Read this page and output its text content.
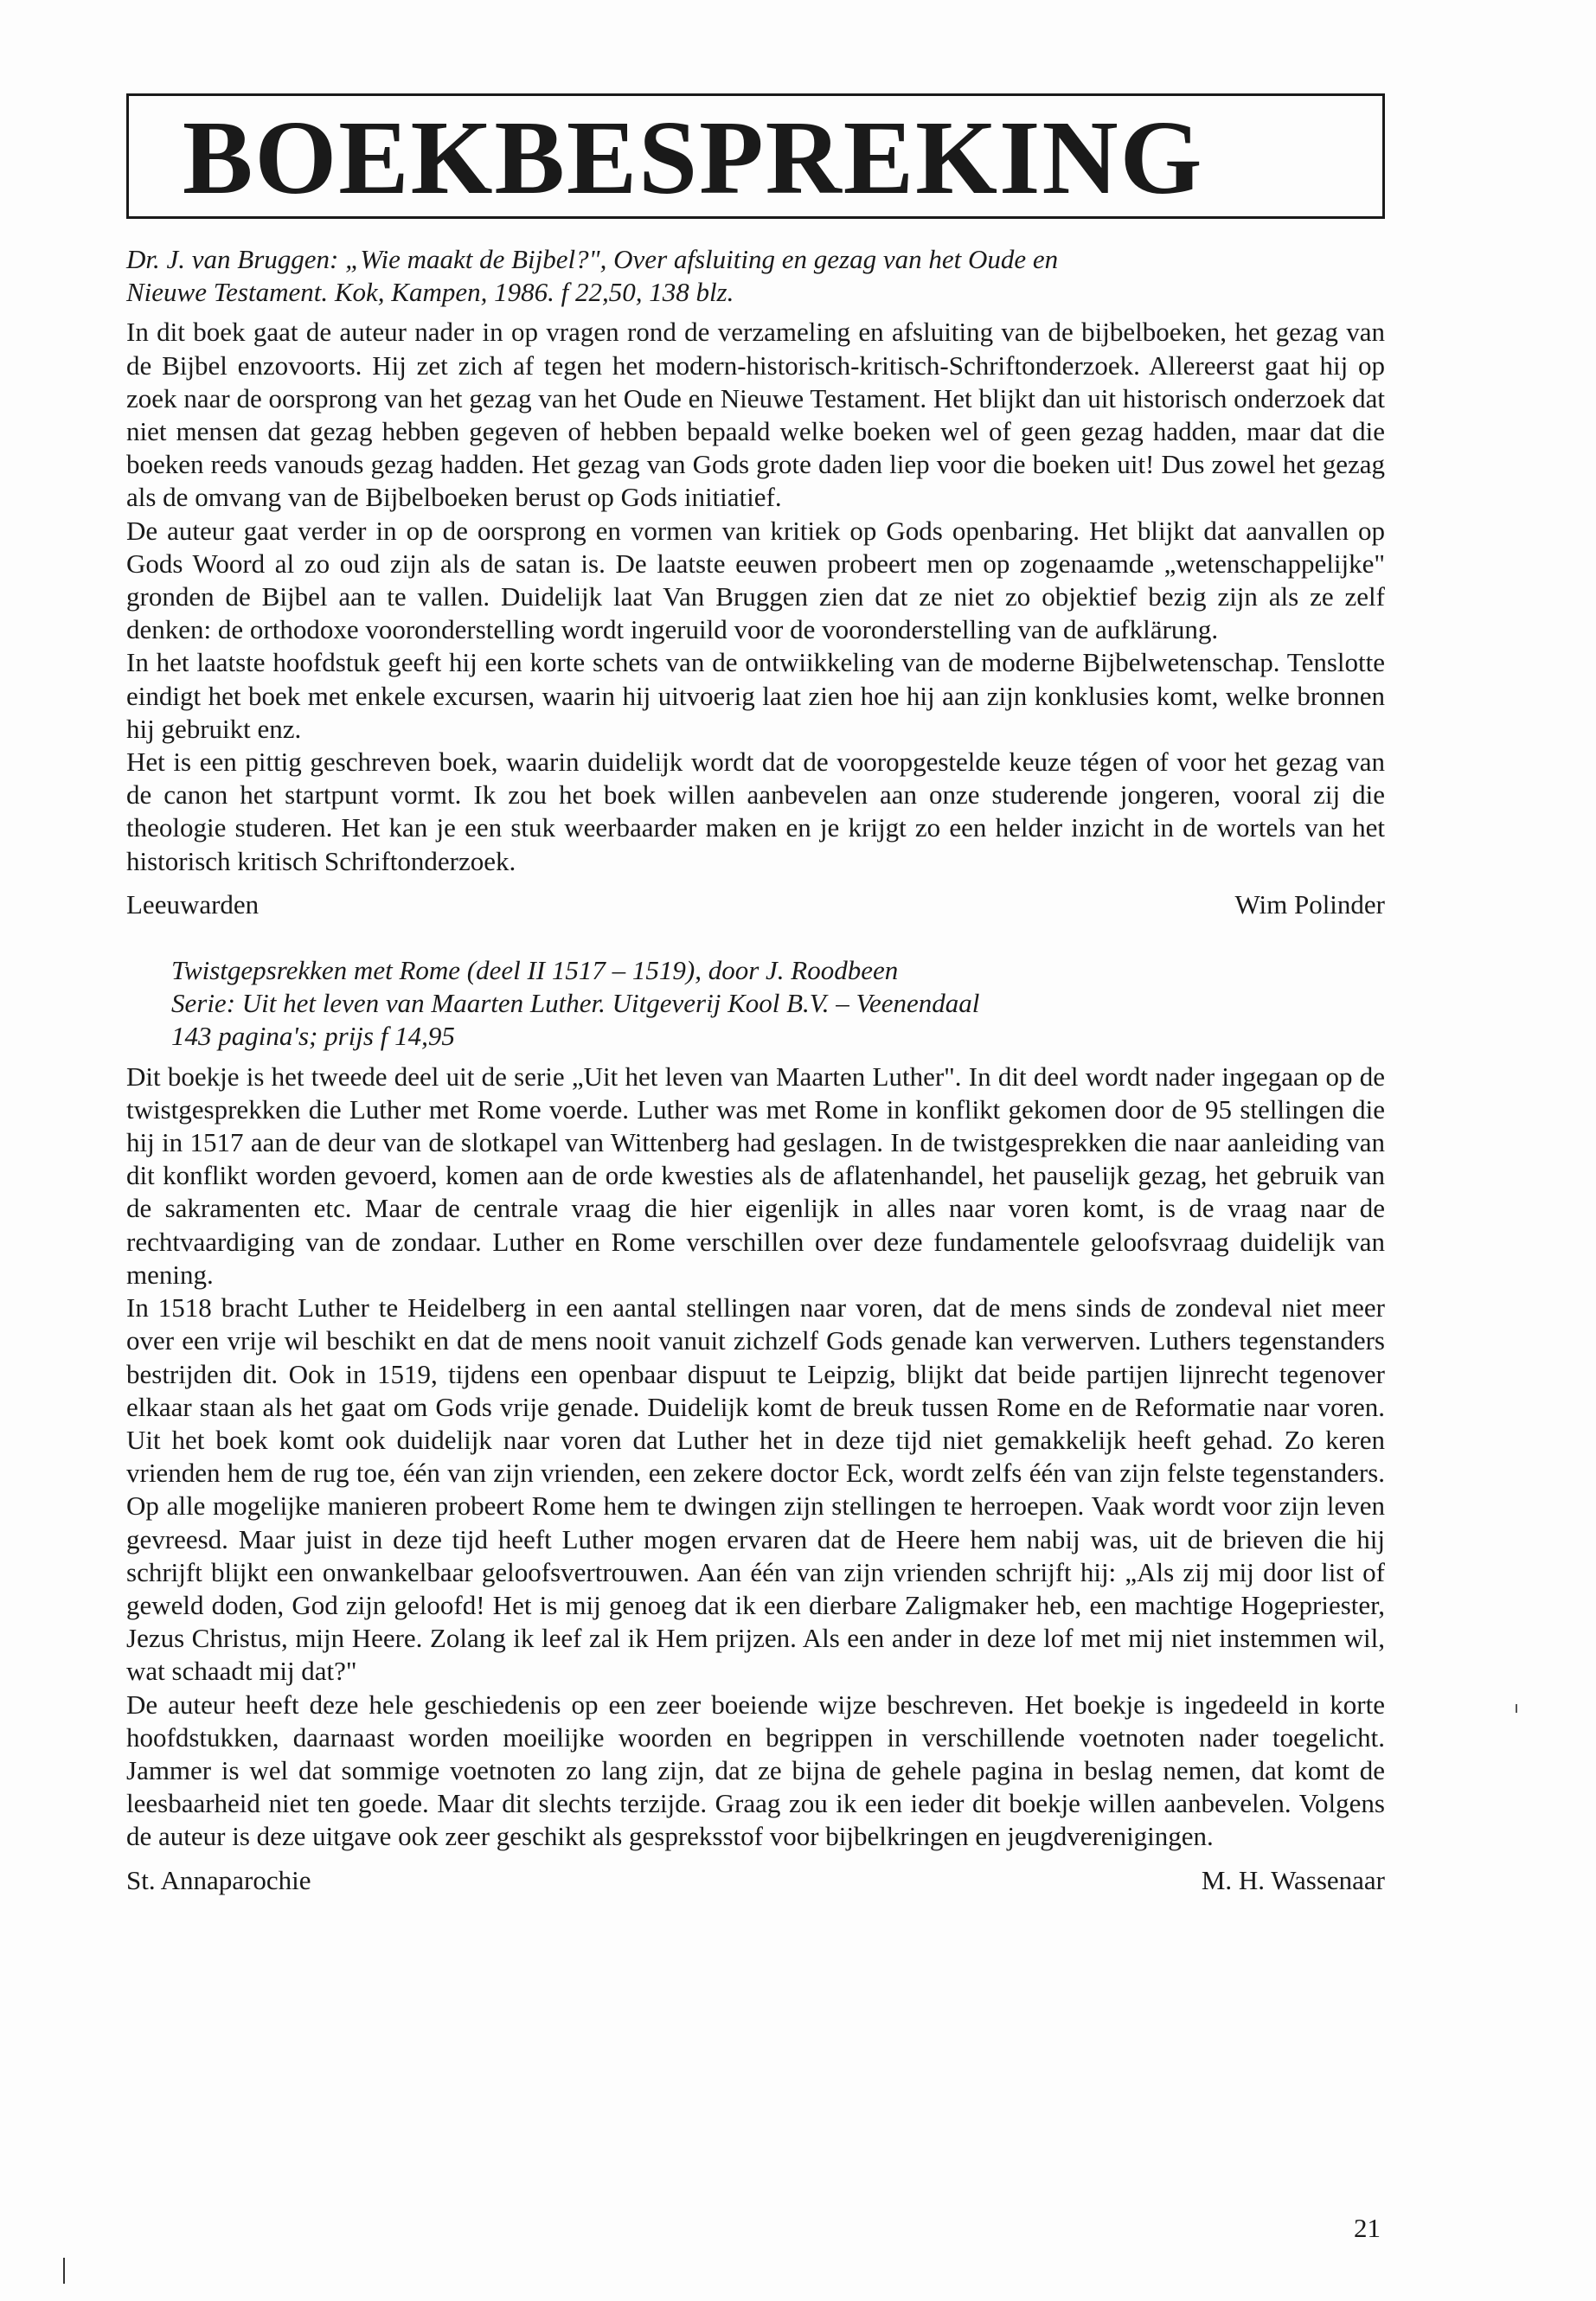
BOEKBESPREKING
Dr. J. van Bruggen: „Wie maakt de Bijbel?", Over afsluiting en gezag van het Oude en
Nieuwe Testament. Kok, Kampen, 1986. f 22,50, 138 blz.

In dit boek gaat de auteur nader in op vragen rond de verzameling en afsluiting van de bijbelboeken, het gezag van de Bijbel enzovoorts. Hij zet zich af tegen het modern-historisch-kritisch-Schriftonderzoek. Allereerst gaat hij op zoek naar de oorsprong van het gezag van het Oude en Nieuwe Testament. Het blijkt dan uit historisch onderzoek dat niet mensen dat gezag hebben gegeven of hebben bepaald welke boeken wel of geen gezag hadden, maar dat die boeken reeds vanouds gezag hadden. Het gezag van Gods grote daden liep voor die boeken uit! Dus zowel het gezag als de omvang van de Bijbelboeken berust op Gods initiatief.

De auteur gaat verder in op de oorsprong en vormen van kritiek op Gods openbaring. Het blijkt dat aanvallen op Gods Woord al zo oud zijn als de satan is. De laatste eeuwen probeert men op zogenaamde „wetenschappelijke" gronden de Bijbel aan te vallen. Duidelijk laat Van Bruggen zien dat ze niet zo objektief bezig zijn als ze zelf denken: de orthodoxe vooronderstelling wordt ingeruild voor de vooronderstelling van de aufklärung.

In het laatste hoofdstuk geeft hij een korte schets van de ontwiikkeling van de moderne Bijbelwetenschap. Tenslotte eindigt het boek met enkele excursen, waarin hij uitvoerig laat zien hoe hij aan zijn konklusies komt, welke bronnen hij gebruikt enz.

Het is een pittig geschreven boek, waarin duidelijk wordt dat de vooropgestelde keuze tégen of voor het gezag van de canon het startpunt vormt. Ik zou het boek willen aanbevelen aan onze studerende jongeren, vooral zij die theologie studeren. Het kan je een stuk weerbaarder maken en je krijgt zo een helder inzicht in de wortels van het historisch kritisch Schriftonderzoek.

Leeuwarden	Wim Polinder
Twistgepsrekken met Rome (deel II 1517 – 1519), door J. Roodbeen
Serie: Uit het leven van Maarten Luther. Uitgeverij Kool B.V. – Veenendaal
143 pagina's; prijs f 14,95

Dit boekje is het tweede deel uit de serie „Uit het leven van Maarten Luther". In dit deel wordt nader ingegaan op de twistgesprekken die Luther met Rome voerde. Luther was met Rome in konflikt gekomen door de 95 stellingen die hij in 1517 aan de deur van de slotkapel van Wittenberg had geslagen. In de twistgesprekken die naar aanleiding van dit konflikt worden gevoerd, komen aan de orde kwesties als de aflatenhandel, het pauselijk gezag, het gebruik van de sakramenten etc. Maar de centrale vraag die hier eigenlijk in alles naar voren komt, is de vraag naar de rechtvaardiging van de zondaar. Luther en Rome verschillen over deze fundamentele geloofsvraag duidelijk van mening.

In 1518 bracht Luther te Heidelberg in een aantal stellingen naar voren, dat de mens sinds de zondeval niet meer over een vrije wil beschikt en dat de mens nooit vanuit zichzelf Gods genade kan verwerven. Luthers tegenstanders bestrijden dit. Ook in 1519, tijdens een openbaar dispuut te Leipzig, blijkt dat beide partijen lijnrecht tegenover elkaar staan als het gaat om Gods vrije genade. Duidelijk komt de breuk tussen Rome en de Reformatie naar voren. Uit het boek komt ook duidelijk naar voren dat Luther het in deze tijd niet gemakkelijk heeft gehad. Zo keren vrienden hem de rug toe, één van zijn vrienden, een zekere doctor Eck, wordt zelfs één van zijn felste tegenstanders. Op alle mogelijke manieren probeert Rome hem te dwingen zijn stellingen te herroepen. Vaak wordt voor zijn leven gevreesd. Maar juist in deze tijd heeft Luther mogen ervaren dat de Heere hem nabij was, uit de brieven die hij schrijft blijkt een onwankelbaar geloofsvertrouwen. Aan één van zijn vrienden schrijft hij: „Als zij mij door list of geweld doden, God zijn geloofd! Het is mij genoeg dat ik een dierbare Zaligmaker heb, een machtige Hogepriester, Jezus Christus, mijn Heere. Zolang ik leef zal ik Hem prijzen. Als een ander in deze lof met mij niet instemmen wil, wat schaadt mij dat?"

De auteur heeft deze hele geschiedenis op een zeer boeiende wijze beschreven. Het boekje is ingedeeld in korte hoofdstukken, daarnaast worden moeilijke woorden en begrippen in verschillende voetnoten nader toegelicht. Jammer is wel dat sommige voetnoten zo lang zijn, dat ze bijna de gehele pagina in beslag nemen, dat komt de leesbaarheid niet ten goede. Maar dit slechts terzijde. Graag zou ik een ieder dit boekje willen aanbevelen. Volgens de auteur is deze uitgave ook zeer geschikt als gespreksstof voor bijbelkringen en jeugdverenigingen.

St. Annaparochie	M. H. Wassenaar
21
